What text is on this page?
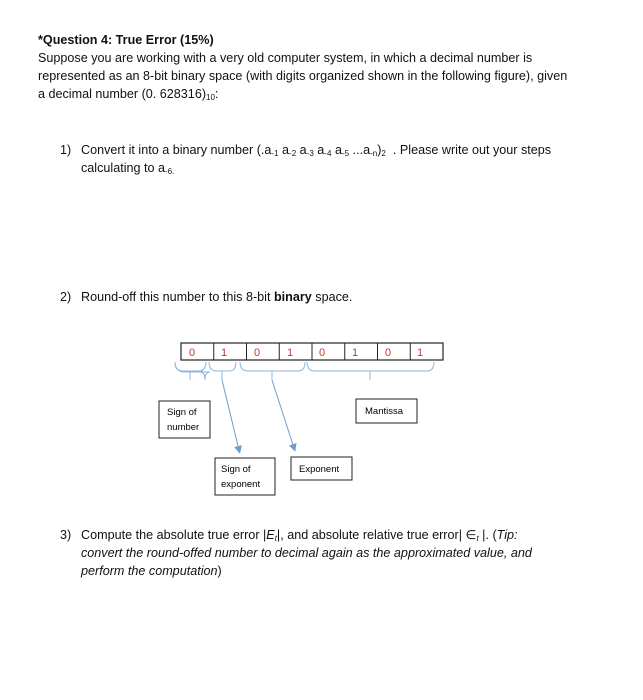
*Question 4: True Error (15%)
Suppose you are working with a very old computer system, in which a decimal number is
represented as an 8-bit binary space (with digits organized shown in the following figure), given
a decimal number (0. $628316)_{10}$:
1) Convert it into a binary number ($.a_{-1}$ $a_{-2}$ $a_{-3}$ $a_{-4}$ $a_{-5}$ $...a_{-n})_2$  . Please write out your steps
calculating to $a_{-6.}$
2) Round-off this number to this 8-bit binary space.
0 1 0 1 0 1 0 1
Sign of
number
Mantissa
Sign of
exponent
Exponent
3) Compute the absolute true error $|E_t|$, and absolute relative true error| $\in_t$ |. (Tip:
convert the round-offed number to decimal again as the approximated value, and
perform the computation)
